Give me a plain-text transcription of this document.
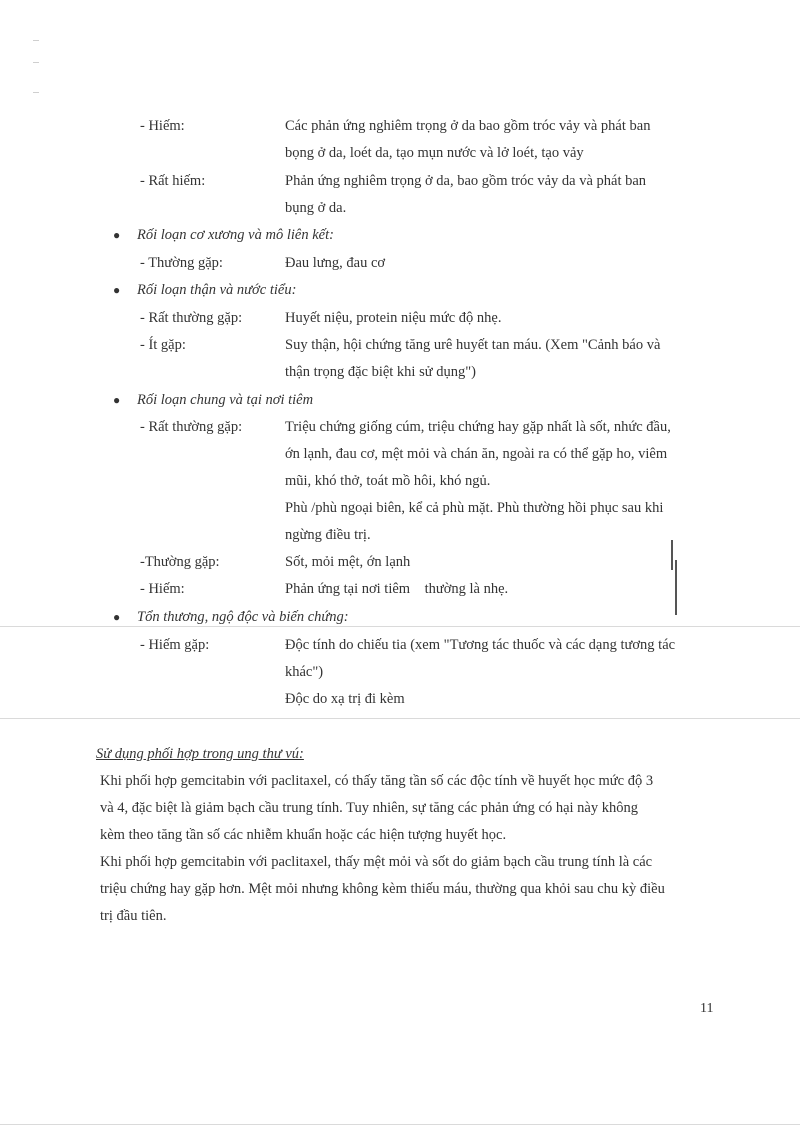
- Hiếm:	Các phản ứng nghiêm trọng ở da bao gồm tróc vảy và phát ban
bọng ở da, loét da, tạo mụn nước và lở loét, tạo vảy
- Rất hiếm:	Phản ứng nghiêm trọng ở da, bao gồm tróc vảy da và phát ban
bụng ở da.
● Rối loạn cơ xương và mô liên kết:
- Thường gặp:	Đau lưng, đau cơ
● Rối loạn thận và nước tiểu:
- Rất thường gặp:	Huyết niệu, protein niệu mức độ nhẹ.
- Ít gặp:	Suy thận, hội chứng tăng urê huyết tan máu. (Xem "Cảnh báo và
thận trọng đặc biệt khi sử dụng")
● Rối loạn chung và tại nơi tiêm
- Rất thường gặp:	Triệu chứng giống cúm, triệu chứng hay gặp nhất là sốt, nhức đầu,
ớn lạnh, đau cơ, mệt mỏi và chán ăn, ngoài ra có thể gặp ho, viêm
mũi, khó thở, toát mồ hôi, khó ngủ.
Phù /phù ngoại biên, kể cả phù mặt. Phù thường hồi phục sau khi
ngừng điều trị.
-Thường gặp:	Sốt, mỏi mệt, ớn lạnh
- Hiếm:	Phản ứng tại nơi tiêm    thường là nhẹ.
● Tổn thương, ngộ độc và biến chứng:
- Hiếm gặp:	Độc tính do chiếu tia (xem "Tương tác thuốc và các dạng tương tác
khác")
Độc do xạ trị đi kèm
Sử dụng phối hợp trong ung thư vú:
Khi phối hợp gemcitabin với paclitaxel, có thấy tăng tần số các độc tính về huyết học mức độ 3
và 4, đặc biệt là giảm bạch cầu trung tính. Tuy nhiên, sự tăng các phản ứng có hại này không
kèm theo tăng tần số các nhiễm khuẩn hoặc các hiện tượng huyết học.
Khi phối hợp gemcitabin với paclitaxel, thấy mệt mỏi và sốt do giảm bạch cầu trung tính là các
triệu chứng hay gặp hơn. Mệt mỏi nhưng không kèm thiếu máu, thường qua khỏi sau chu kỳ điều
trị đầu tiên.
11
